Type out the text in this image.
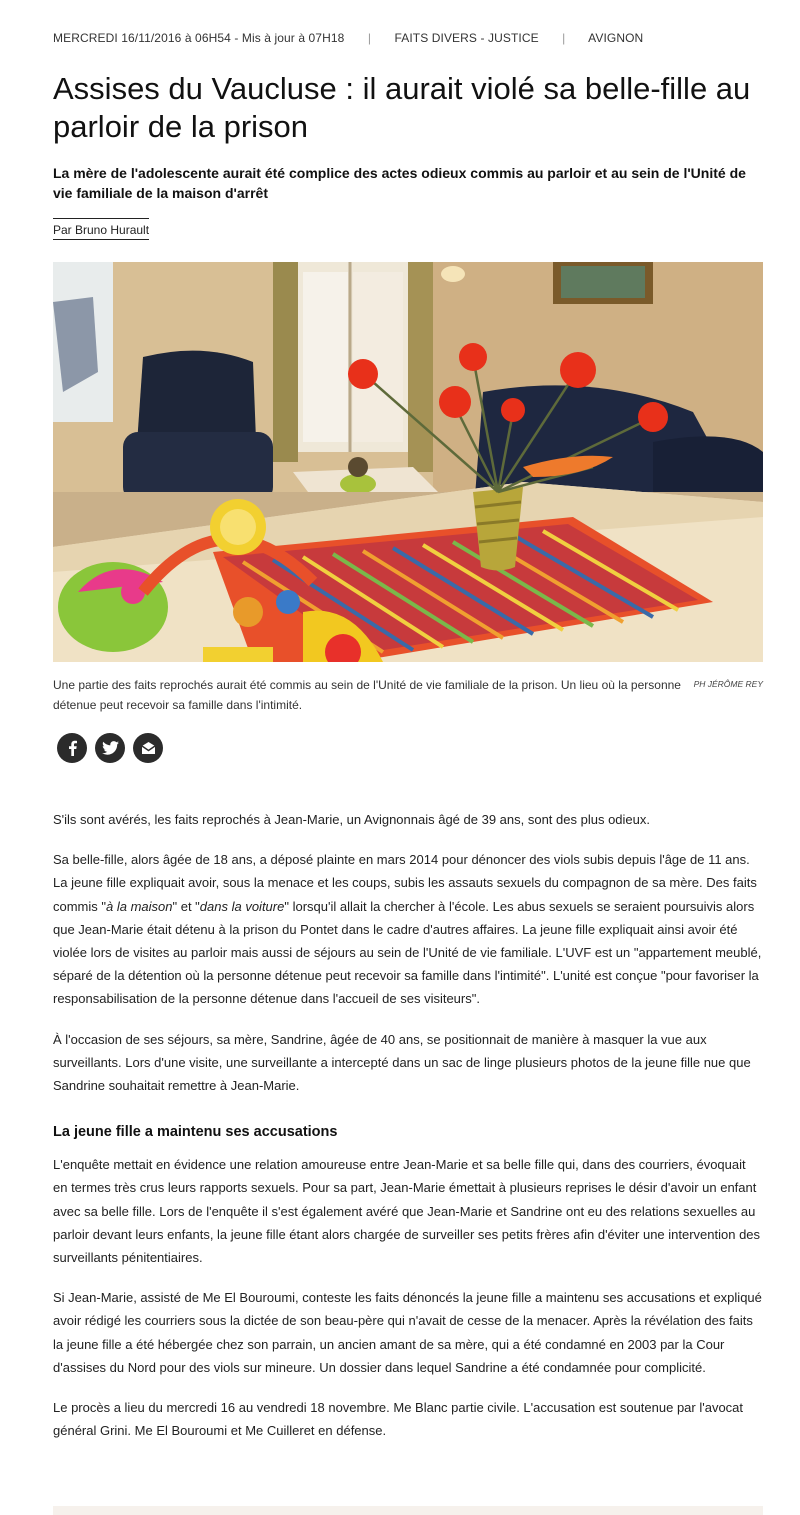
MERCREDI 16/11/2016 à 06H54 - Mis à jour à 07H18 | FAITS DIVERS - JUSTICE | AVIGNON
Assises du Vaucluse : il aurait violé sa belle-fille au parloir de la prison

La mère de l'adolescente aurait été complice des actes odieux commis au parloir et au sein de l'Unité de vie familiale de la maison d'arrêt

Par Bruno Hurault
Une partie des faits reprochés aurait été commis au sein de l'Unité de vie familiale de la prison. Un lieu où la personne détenue peut recevoir sa famille dans l'intimité.
PH JÉRÔME REY

S'ils sont avérés, les faits reprochés à Jean-Marie, un Avignonnais âgé de 39 ans, sont des plus odieux.

Sa belle-fille, alors âgée de 18 ans, a déposé plainte en mars 2014 pour dénoncer des viols subis depuis l'âge de 11 ans. La jeune fille expliquait avoir, sous la menace et les coups, subis les assauts sexuels du compagnon de sa mère. Des faits commis "à la maison" et "dans la voiture" lorsqu'il allait la chercher à l'école. Les abus sexuels se seraient poursuivis alors que Jean-Marie était détenu à la prison du Pontet dans le cadre d'autres affaires. La jeune fille expliquait ainsi avoir été violée lors de visites au parloir mais aussi de séjours au sein de l'Unité de vie familiale. L'UVF est un "appartement meublé, séparé de la détention où la personne détenue peut recevoir sa famille dans l'intimité". L'unité est conçue "pour favoriser la responsabilisation de la personne détenue dans l'accueil de ses visiteurs".

À l'occasion de ses séjours, sa mère, Sandrine, âgée de 40 ans, se positionnait de manière à masquer la vue aux surveillants. Lors d'une visite, une surveillante a intercepté dans un sac de linge plusieurs photos de la jeune fille nue que Sandrine souhaitait remettre à Jean-Marie.

La jeune fille a maintenu ses accusations

L'enquête mettait en évidence une relation amoureuse entre Jean-Marie et sa belle fille qui, dans des courriers, évoquait en termes très crus leurs rapports sexuels. Pour sa part, Jean-Marie émettait à plusieurs reprises le désir d'avoir un enfant avec sa belle fille. Lors de l'enquête il s'est également avéré que Jean-Marie et Sandrine ont eu des relations sexuelles au parloir devant leurs enfants, la jeune fille étant alors chargée de surveiller ses petits frères afin d'éviter une intervention des surveillants pénitentiaires.

Si Jean-Marie, assisté de Me El Bouroumi, conteste les faits dénoncés la jeune fille a maintenu ses accusations et expliqué avoir rédigé les courriers sous la dictée de son beau-père qui n'avait de cesse de la menacer. Après la révélation des faits la jeune fille a été hébergée chez son parrain, un ancien amant de sa mère, qui a été condamné en 2003 par la Cour d'assises du Nord pour des viols sur mineure. Un dossier dans lequel Sandrine a été condamnée pour complicité.

Le procès a lieu du mercredi 16 au vendredi 18 novembre. Me Blanc partie civile. L'accusation est soutenue par l'avocat général Grini. Me El Bouroumi et Me Cuilleret en défense.
